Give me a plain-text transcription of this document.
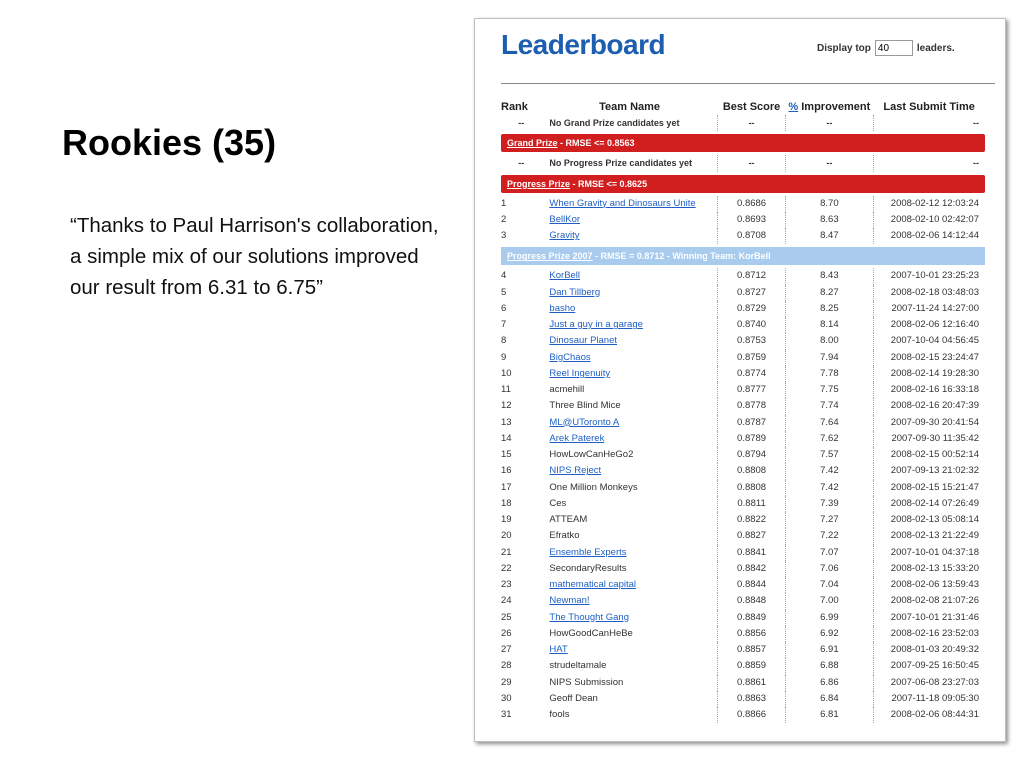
Rookies (35)

“Thanks to Paul Harrison's collaboration, a simple mix of our solutions improved our result from 6.31 to 6.75”

Leaderboard	Display top
40	leaders.
Rank	Team Name	Best Score	% Improvement	Last Submit Time
--	No Grand Prize candidates yet	--	--	--

Grand Prize - RMSE <= 0.8563				

--	No Progress Prize candidates yet	--	--	--

Progress Prize - RMSE <= 0.8625				

1	When Gravity and Dinosaurs Unite	0.8686	8.70	2008-02-12 12:03:24
2	BellKor	0.8693	8.63	2008-02-10 02:42:07
3	Gravity	0.8708	8.47	2008-02-06 14:12:44

Progress Prize 2007 - RMSE = 0.8712 - Winning Team: KorBell				

4	KorBell	0.8712	8.43	2007-10-01 23:25:23
5	Dan Tillberg	0.8727	8.27	2008-02-18 03:48:03
6	basho	0.8729	8.25	2007-11-24 14:27:00
7	Just a guy in a garage	0.8740	8.14	2008-02-06 12:16:40
8	Dinosaur Planet	0.8753	8.00	2007-10-04 04:56:45
9	BigChaos	0.8759	7.94	2008-02-15 23:24:47
10	Reel Ingenuity	0.8774	7.78	2008-02-14 19:28:30
11	acmehill	0.8777	7.75	2008-02-16 16:33:18
12	Three Blind Mice	0.8778	7.74	2008-02-16 20:47:39
13	ML@UToronto A	0.8787	7.64	2007-09-30 20:41:54
14	Arek Paterek	0.8789	7.62	2007-09-30 11:35:42
15	HowLowCanHeGo2	0.8794	7.57	2008-02-15 00:52:14
16	NIPS Reject	0.8808	7.42	2007-09-13 21:02:32
17	One Million Monkeys	0.8808	7.42	2008-02-15 15:21:47
18	Ces	0.8811	7.39	2008-02-14 07:26:49
19	ATTEAM	0.8822	7.27	2008-02-13 05:08:14
20	Efratko	0.8827	7.22	2008-02-13 21:22:49
21	Ensemble Experts	0.8841	7.07	2007-10-01 04:37:18
22	SecondaryResults	0.8842	7.06	2008-02-13 15:33:20
23	mathematical capital	0.8844	7.04	2008-02-06 13:59:43
24	Newman!	0.8848	7.00	2008-02-08 21:07:26
25	The Thought Gang	0.8849	6.99	2007-10-01 21:31:46
26	HowGoodCanHeBe	0.8856	6.92	2008-02-16 23:52:03
27	HAT	0.8857	6.91	2008-01-03 20:49:32
28	strudeltamale	0.8859	6.88	2007-09-25 16:50:45
29	NIPS Submission	0.8861	6.86	2007-06-08 23:27:03
30	Geoff Dean	0.8863	6.84	2007-11-18 09:05:30
31	fools	0.8866	6.81	2008-02-06 08:44:31
